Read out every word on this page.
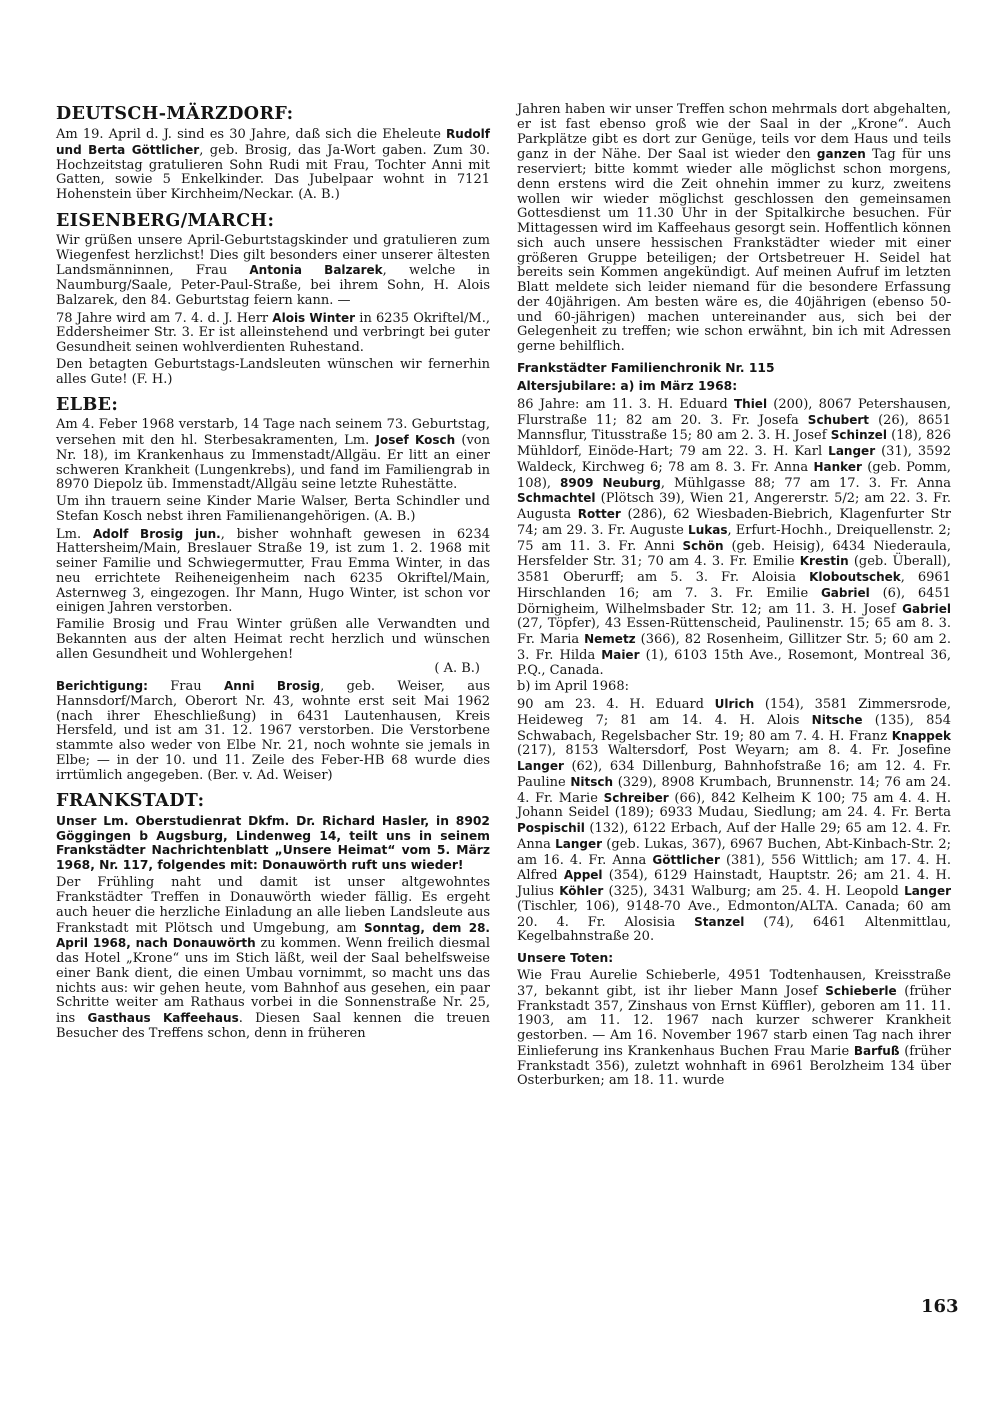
DEUTSCH-MÄRZDORF:

Am 19. April d. J. sind es 30 Jahre, daß sich die Eheleute Rudolf und Berta Göttlicher, geb. Brosig, das Ja-Wort gaben. Zum 30. Hochzeitstag gratulieren Sohn Rudi mit Frau, Tochter Anni mit Gatten, sowie 5 Enkelkinder. Das Jubelpaar wohnt in 7121 Hohenstein über Kirchheim/Neckar. (A. B.)

EISENBERG/MARCH:

Wir grüßen unsere April-Geburtstagskinder und gratulieren zum Wiegenfest herzlichst! Dies gilt besonders einer unserer ältesten Landsmänninnen, Frau Antonia Balzarek, welche in Naumburg/Saale, Peter-Paul-Straße, bei ihrem Sohn, H. Alois Balzarek, den 84. Geburtstag feiern kann. —

78 Jahre wird am 7. 4. d. J. Herr Alois Winter in 6235 Okriftel/M., Eddersheimer Str. 3. Er ist alleinstehend und verbringt bei guter Gesundheit seinen wohlverdienten Ruhestand.

Den betagten Geburtstags-Landsleuten wünschen wir fernerhin alles Gute! (F. H.)

ELBE:

Am 4. Feber 1968 verstarb, 14 Tage nach seinem 73. Geburtstag, versehen mit den hl. Sterbesakramenten, Lm. Josef Kosch (von Nr. 18), im Krankenhaus zu Immenstadt/Allgäu. Er litt an einer schweren Krankheit (Lungenkrebs), und fand im Familiengrab in 8970 Diepolz üb. Immenstadt/Allgäu seine letzte Ruhestätte.

Um ihn trauern seine Kinder Marie Walser, Berta Schindler und Stefan Kosch nebst ihren Familienangehörigen. (A. B.)

Lm. Adolf Brosig jun., bisher wohnhaft gewesen in 6234 Hattersheim/Main, Breslauer Straße 19, ist zum 1. 2. 1968 mit seiner Familie und Schwiegermutter, Frau Emma Winter, in das neu errichtete Reiheneigenheim nach 6235 Okriftel/Main, Asternweg 3, eingezogen. Ihr Mann, Hugo Winter, ist schon vor einigen Jahren verstorben.

Familie Brosig und Frau Winter grüßen alle Verwandten und Bekannten aus der alten Heimat recht herzlich und wünschen allen Gesundheit und Wohlergehen!

( A. B.)

Berichtigung: Frau Anni Brosig, geb. Weiser, aus Hannsdorf/March, Oberort Nr. 43, wohnte erst seit Mai 1962 (nach ihrer Eheschließung) in 6431 Lautenhausen, Kreis Hersfeld, und ist am 31. 12. 1967 verstorben. Die Verstorbene stammte also weder von Elbe Nr. 21, noch wohnte sie jemals in Elbe; — in der 10. und 11. Zeile des Feber-HB 68 wurde dies irrtümlich angegeben. (Ber. v. Ad. Weiser)

FRANKSTADT:

Unser Lm. Oberstudienrat Dkfm. Dr. Richard Hasler, in 8902 Göggingen b Augsburg, Lindenweg 14, teilt uns in seinem Frankstädter Nachrichtenblatt „Unsere Heimat“ vom 5. März 1968, Nr. 117, folgendes mit: Donauwörth ruft uns wieder!

Der Frühling naht und damit ist unser altgewohntes Frankstädter Treffen in Donauwörth wieder fällig. Es ergeht auch heuer die herzliche Einladung an alle lieben Landsleute aus Frankstadt mit Plötsch und Umgebung, am Sonntag, dem 28. April 1968, nach Donauwörth zu kommen. Wenn freilich diesmal das Hotel „Krone“ uns im Stich läßt, weil der Saal behelfsweise einer Bank dient, die einen Umbau vornimmt, so macht uns das nichts aus: wir gehen heute, vom Bahnhof aus gesehen, ein paar Schritte weiter am Rathaus vorbei in die Sonnenstraße Nr. 25, ins Gasthaus Kaffeehaus. Diesen Saal kennen die treuen Besucher des Treffens schon, denn in früheren

Jahren haben wir unser Treffen schon mehrmals dort abgehalten, er ist fast ebenso groß wie der Saal in der „Krone“. Auch Parkplätze gibt es dort zur Genüge, teils vor dem Haus und teils ganz in der Nähe. Der Saal ist wieder den ganzen Tag für uns reserviert; bitte kommt wieder alle möglichst schon morgens, denn erstens wird die Zeit ohnehin immer zu kurz, zweitens wollen wir wieder möglichst geschlossen den gemeinsamen Gottesdienst um 11.30 Uhr in der Spitalkirche besuchen. Für Mittagessen wird im Kaffeehaus gesorgt sein. Hoffentlich können sich auch unsere hessischen Frankstädter wieder mit einer größeren Gruppe beteiligen; der Ortsbetreuer H. Seidel hat bereits sein Kommen angekündigt. Auf meinen Aufruf im letzten Blatt meldete sich leider niemand für die besondere Erfassung der 40jährigen. Am besten wäre es, die 40jährigen (ebenso 50- und 60-jährigen) machen untereinander aus, sich bei der Gelegenheit zu treffen; wie schon erwähnt, bin ich mit Adressen gerne behilflich.

Frankstädter Familienchronik Nr. 115
Altersjubilare: a) im März 1968:

86 Jahre: am 11. 3. H. Eduard Thiel (200), 8067 Petershausen, Flurstraße 11; 82 am 20. 3. Fr. Josefa Schubert (26), 8651 Mannsflur, Titusstraße 15; 80 am 2. 3. H. Josef Schinzel (18), 826 Mühldorf, Einöde-Hart; 79 am 22. 3. H. Karl Langer (31), 3592 Waldeck, Kirchweg 6; 78 am 8. 3. Fr. Anna Hanker (geb. Pomm, 108), 8909 Neuburg, Mühlgasse 88; 77 am 17. 3. Fr. Anna Schmachtel (Plötsch 39), Wien 21, Angererstr. 5/2; am 22. 3. Fr. Augusta Rotter (286), 62 Wiesbaden-Biebrich, Klagenfurter Str 74; am 29. 3. Fr. Auguste Lukas, Erfurt-Hochh., Dreiquellenstr. 2; 75 am 11. 3. Fr. Anni Schön (geb. Heisig), 6434 Niederaula, Hersfelder Str. 31; 70 am 4. 3. Fr. Emilie Krestin (geb. Überall), 3581 Oberurff; am 5. 3. Fr. Aloisia Kloboutschek, 6961 Hirschlanden 16; am 7. 3. Fr. Emilie Gabriel (6), 6451 Dörnigheim, Wilhelmsbader Str. 12; am 11. 3. H. Josef Gabriel (27, Töpfer), 43 Essen-Rüttenscheid, Paulinenstr. 15; 65 am 8. 3. Fr. Maria Nemetz (366), 82 Rosenheim, Gillitzer Str. 5; 60 am 2. 3. Fr. Hilda Maier (1), 6103 15th Ave., Rosemont, Montreal 36, P.Q., Canada.

b) im April 1968:

90 am 23. 4. H. Eduard Ulrich (154), 3581 Zimmersrode, Heideweg 7; 81 am 14. 4. H. Alois Nitsche (135), 854 Schwabach, Regelsbacher Str. 19; 80 am 7. 4. H. Franz Knappek (217), 8153 Waltersdorf, Post Weyarn; am 8. 4. Fr. Josefine Langer (62), 634 Dillenburg, Bahnhofstraße 16; am 12. 4. Fr. Pauline Nitsch (329), 8908 Krumbach, Brunnenstr. 14; 76 am 24. 4. Fr. Marie Schreiber (66), 842 Kelheim K 100; 75 am 4. 4. H. Johann Seidel (189); 6933 Mudau, Siedlung; am 24. 4. Fr. Berta Pospischil (132), 6122 Erbach, Auf der Halle 29; 65 am 12. 4. Fr. Anna Langer (geb. Lukas, 367), 6967 Buchen, Abt-Kinbach-Str. 2; am 16. 4. Fr. Anna Göttlicher (381), 556 Wittlich; am 17. 4. H. Alfred Appel (354), 6129 Hainstadt, Hauptstr. 26; am 21. 4. H. Julius Köhler (325), 3431 Walburg; am 25. 4. H. Leopold Langer (Tischler, 106), 9148-70 Ave., Edmonton/ALTA. Canada; 60 am 20. 4. Fr. Alosisia Stanzel (74), 6461 Altenmittlau, Kegelbahnstraße 20.

Unsere Toten:

Wie Frau Aurelie Schieberle, 4951 Todtenhausen, Kreisstraße 37, bekannt gibt, ist ihr lieber Mann Josef Schieberle (früher Frankstadt 357, Zinshaus von Ernst Küffler), geboren am 11. 11. 1903, am 11. 12. 1967 nach kurzer schwerer Krankheit gestorben. — Am 16. November 1967 starb einen Tag nach ihrer Einlieferung ins Krankenhaus Buchen Frau Marie Barfuß (früher Frankstadt 356), zuletzt wohnhaft in 6961 Berolzheim 134 über Osterburken; am 18. 11. wurde

163
